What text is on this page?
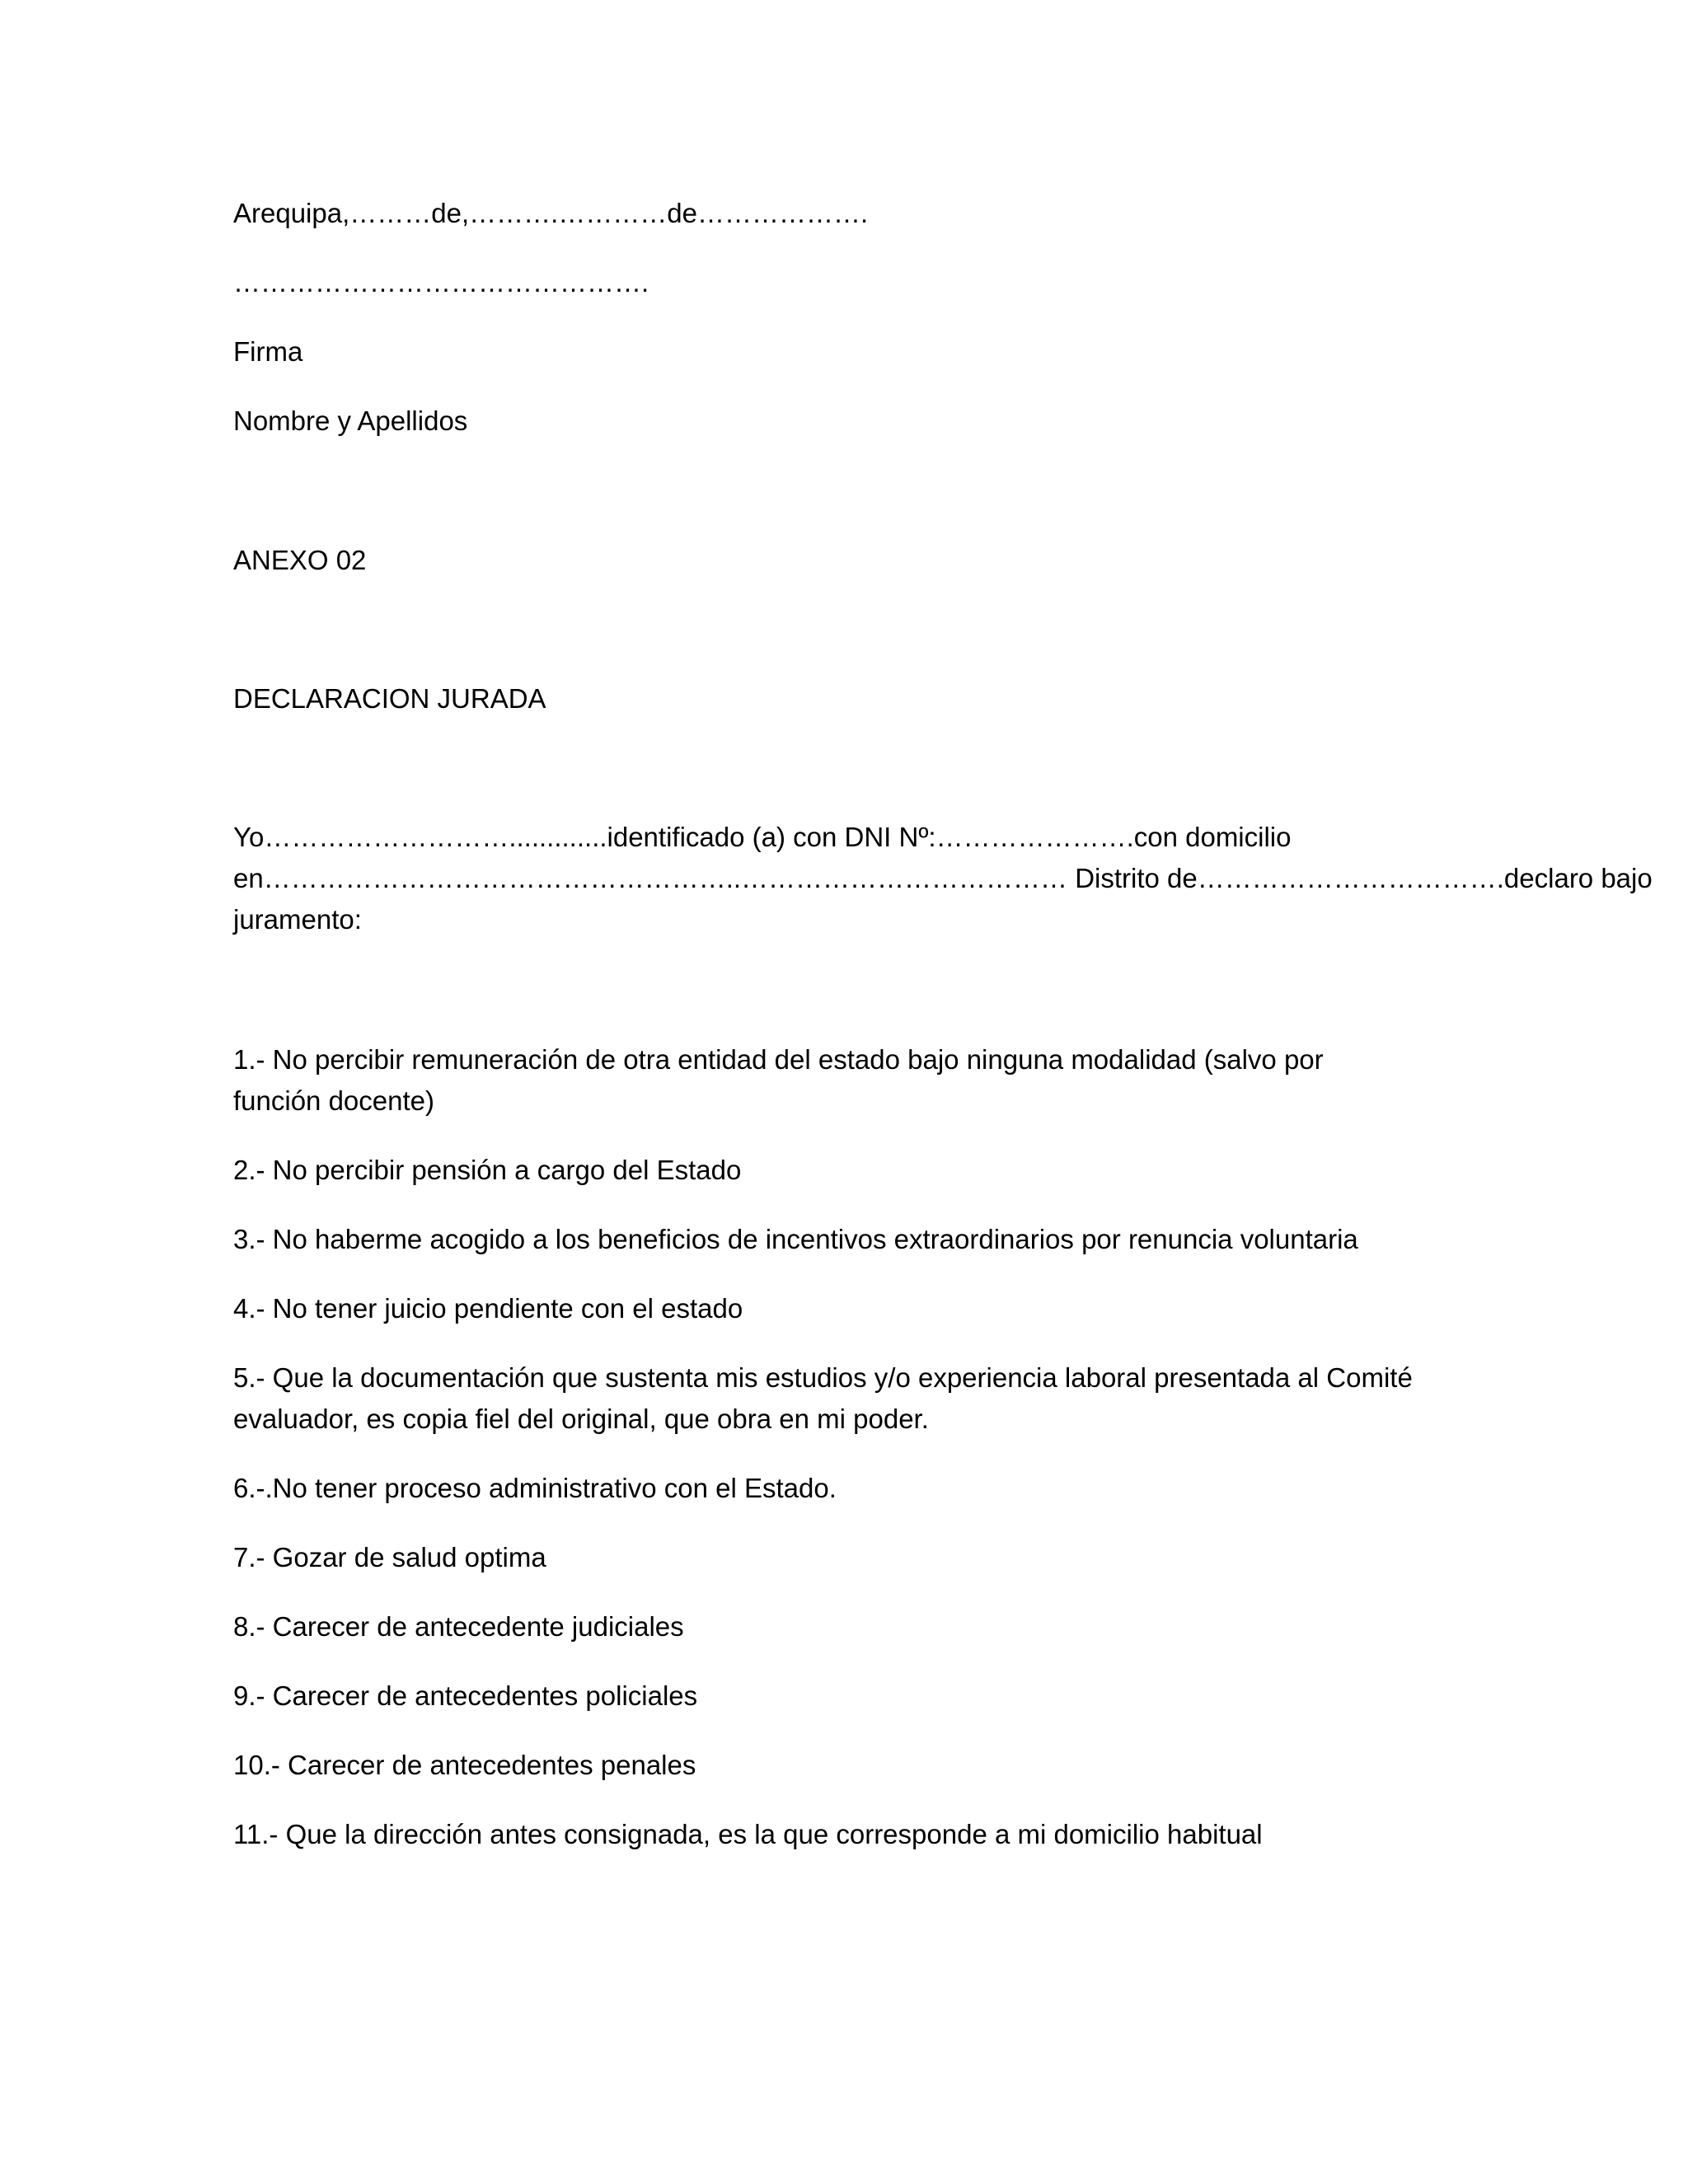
Arequipa,………de,……….…………de……………….
……………………………………….
Firma
Nombre y Apellidos
ANEXO 02
DECLARACION JURADA
Yo……………………….............identificado (a) con DNI Nº:………………….con domicilio
en……………………………………………..……………………………… Distrito de…………………………….declaro bajo
juramento:
1.- No percibir remuneración de otra entidad del estado bajo ninguna modalidad (salvo por
función docente)
2.- No percibir pensión a cargo del Estado
3.- No haberme acogido a los beneficios de incentivos extraordinarios por renuncia voluntaria
4.- No tener juicio pendiente con el estado
5.- Que la documentación que sustenta mis estudios y/o experiencia laboral presentada al Comité
evaluador, es copia fiel del original, que obra en mi poder.
6.-.No tener proceso administrativo con el Estado.
7.- Gozar de salud optima
8.- Carecer de antecedente judiciales
9.- Carecer de antecedentes policiales
10.- Carecer de antecedentes penales
11.- Que la dirección antes consignada, es la que corresponde a mi domicilio habitual
